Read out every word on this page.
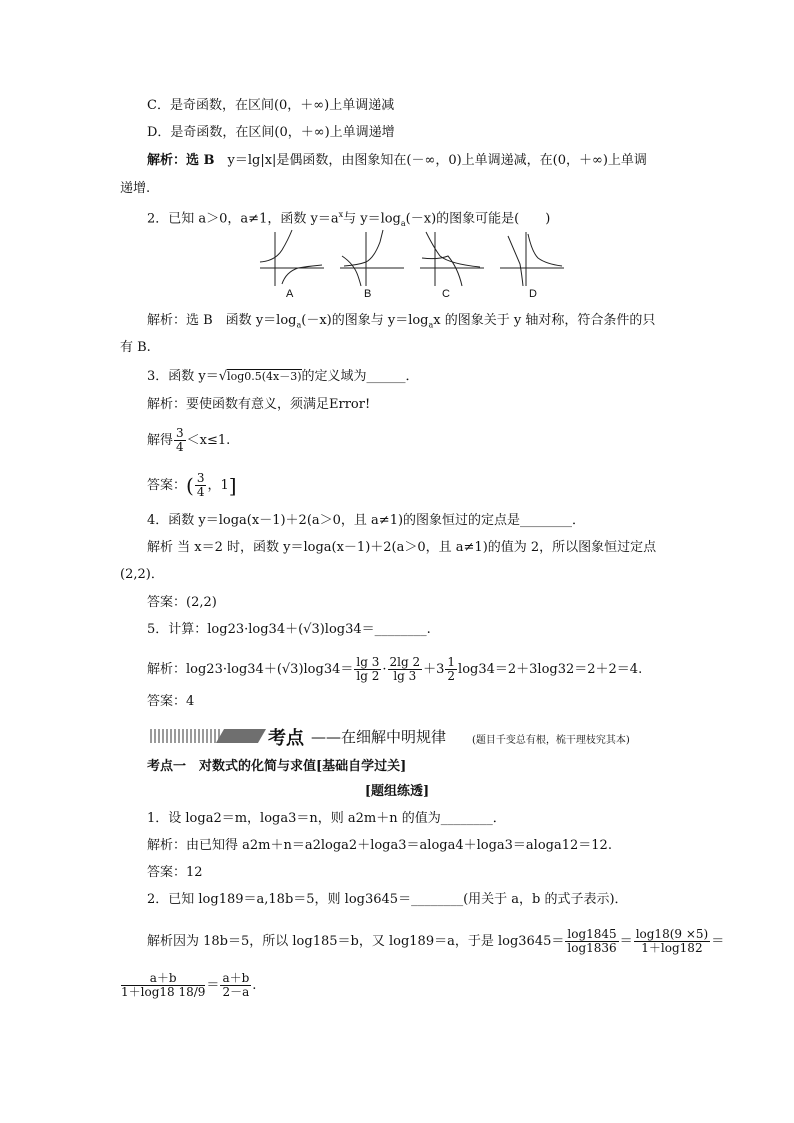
C．是奇函数，在区间(0，＋∞)上单调递减
D．是奇函数，在区间(0，＋∞)上单调递增
解析：选 B　y＝lg|x|是偶函数，由图象知在(－∞，0)上单调递减，在(0，＋∞)上单调
递增.
2．已知 a＞0，a≠1，函数 $y=a^x$与 $y=\log_a(-x)$的图象可能是(　　)
A	B	C	D
解析：选 B　函数 $y=\log_a(-x)$的图象与 $y=\log_ax$ 的图象关于 y 轴对称，符合条件的只
有 B.
3．函数 y＝√log0.5(4x－3)的定义域为______．
解析：要使函数有意义，须满足Error!
解得 $\frac{3}{4} <x\le 1$.
答案：( $\frac{3}{4}$ ，1]
4．函数 y＝loga(x－1)＋2(a＞0，且 a≠1)的图象恒过的定点是________．
解析 当 x＝2 时，函数 y＝loga(x－1)＋2(a＞0，且 a≠1)的值为 2，所以图象恒过定点
(2,2)．
答案：(2,2)
5．计算：log23·log34＋(√3)log34＝________.
解析：$\log 23\cdot\log 34+(√3)\log 34= \frac{\lg 3}{\lg 2} \cdot \frac{2\lg 2}{\lg 3} +3 \frac{1}{2} \log 34=2+3\log 32=2+2=4$.
答案：4
考点 ——在细解中明规律	(题目千变总有根，梳干理枝究其本)
考点一　对数式的化简与求值[基础自学过关]
[题组练透]
1．设 loga2＝m，loga3＝n，则 a2m＋n 的值为________．
解析：由已知得 a2m＋n＝a2loga2＋loga3＝aloga4＋loga3＝aloga12＝12.
答案：12
2．已知 log189＝a,18b＝5，则 log3645＝________(用关于 a，b 的式子表示)．
解析因为 18b＝5，所以 log185＝b，又 log189＝a，于是 $\log 3645= \frac{\log 1845}{\log 1836} = \frac{\log 18(9 \times 5)}{1+\log 182}$ ＝
$\frac{a+b}{1+\log 18 18/9} = \frac{a+b}{2-a}$ .
